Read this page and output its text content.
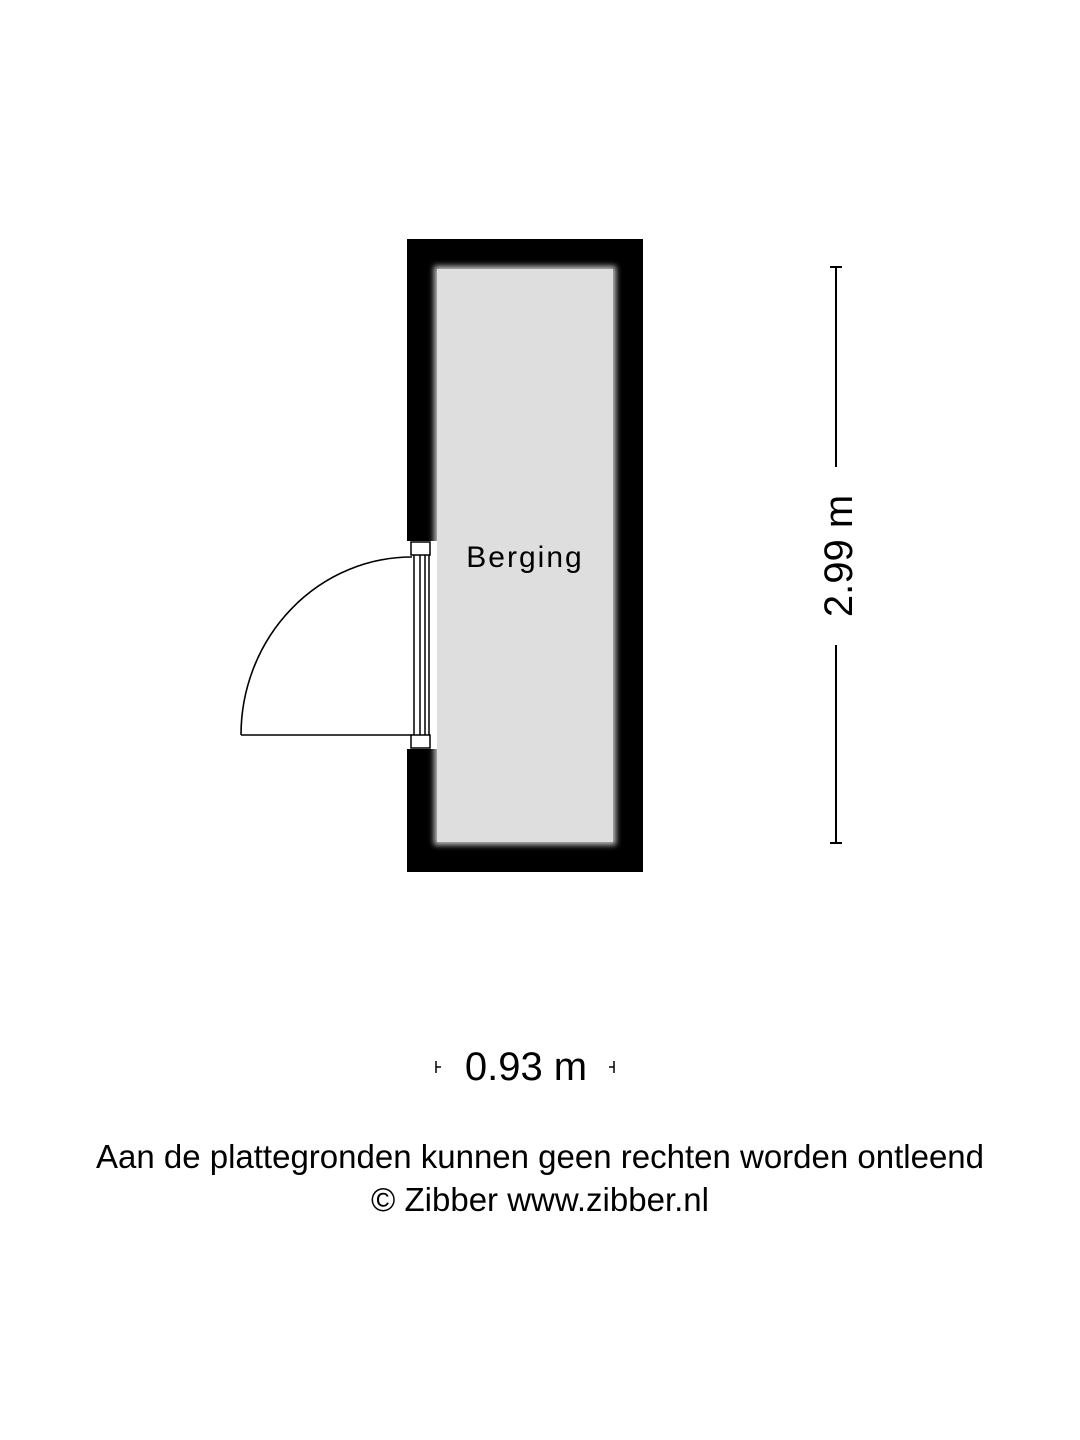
Berging	2.99 m
0.93 m
Aan de plattegronden kunnen geen rechten worden ontleend
© Zibber www.zibber.nl
